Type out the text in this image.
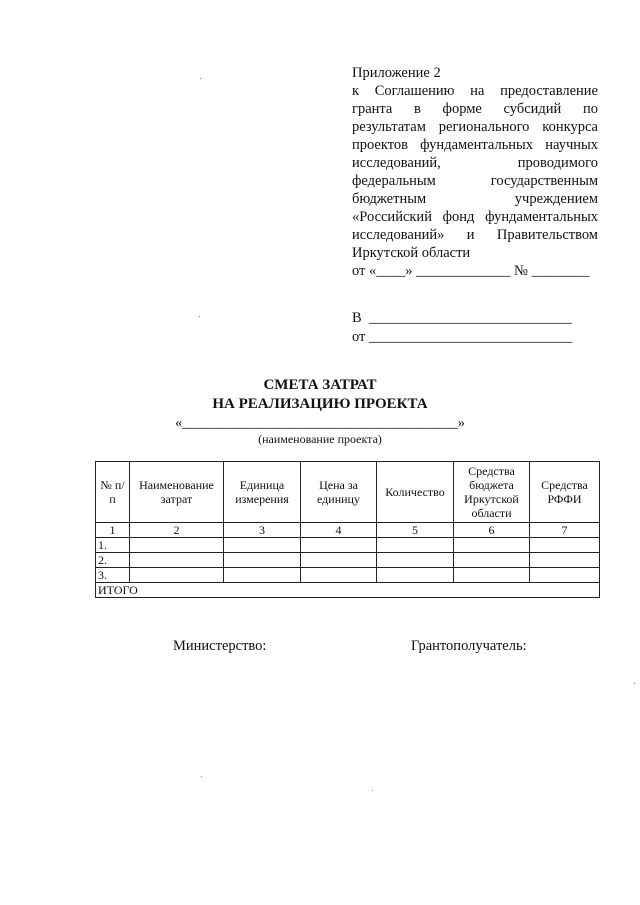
Приложение 2
к Соглашению на предоставление
гранта в форме субсидий по
результатам регионального конкурса
проектов фундаментальных научных
исследований, проводимого
федеральным государственным
бюджетным учреждением
«Российский фонд фундаментальных
исследований» и Правительством
Иркутской области
от «____» _____________ № ________
В  ____________________________
от ____________________________
СМЕТА ЗАТРАТ
НА РЕАЛИЗАЦИЮ ПРОЕКТА
«______________________________________»
(наименование проекта)
№ п/п	Наименование затрат	Единица измерения	Цена за единицу	Количество	Средства бюджета Иркутской области	Средства РФФИ
1	2	3	4	5	6	7
1.						
2.						
3.						
ИТОГО						
Министерство:	Грантополучатель:
